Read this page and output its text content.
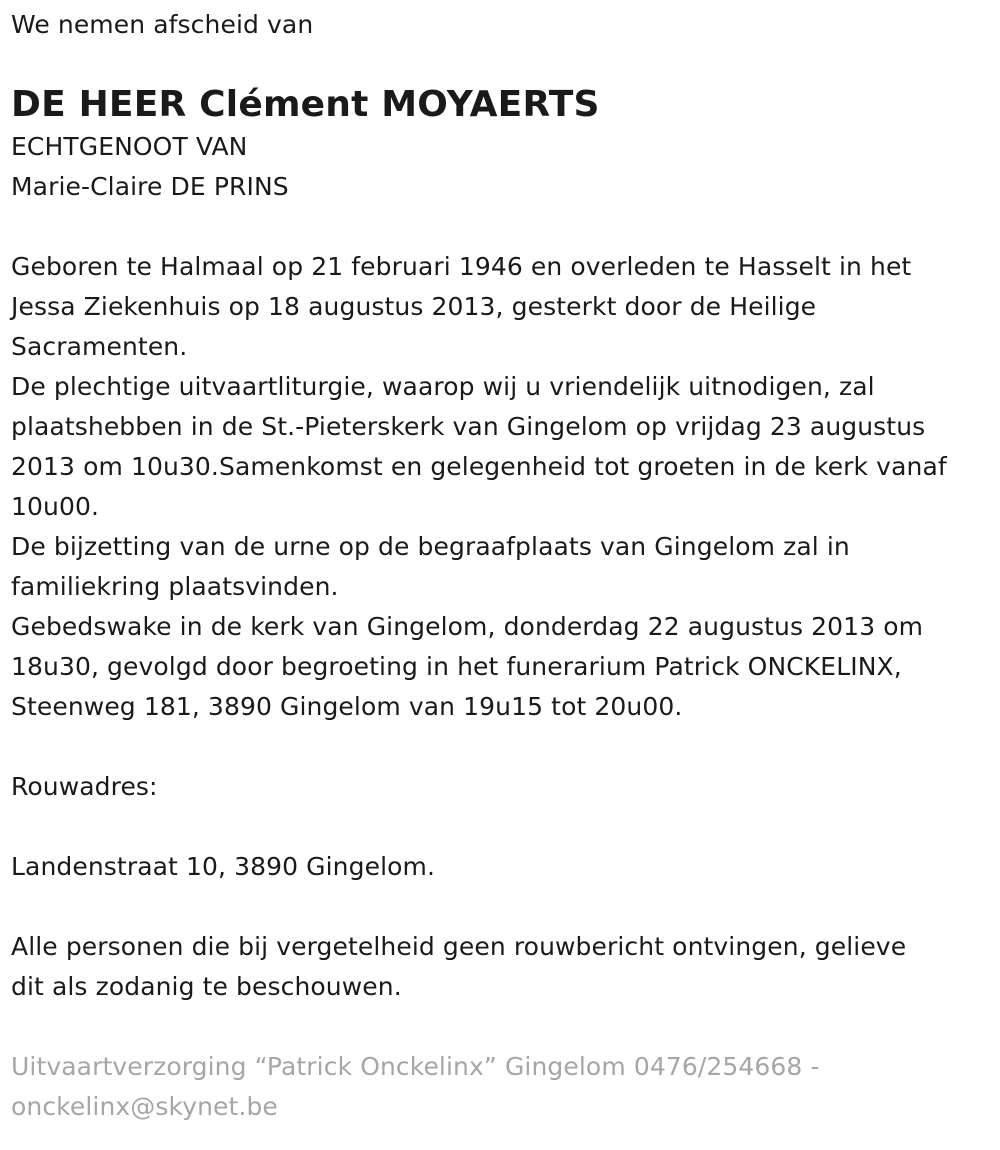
We nemen afscheid van
DE HEER Clément MOYAERTS
ECHTGENOOT VAN
Marie-Claire DE PRINS
Geboren te Halmaal op 21 februari 1946 en overleden te Hasselt in het
Jessa Ziekenhuis op 18 augustus 2013, gesterkt door de Heilige
Sacramenten.
De plechtige uitvaartliturgie, waarop wij u vriendelijk uitnodigen, zal
plaatshebben in de St.-Pieterskerk van Gingelom op vrijdag 23 augustus
2013 om 10u30.Samenkomst en gelegenheid tot groeten in de kerk vanaf
10u00.
De bijzetting van de urne op de begraafplaats van Gingelom zal in
familiekring plaatsvinden.
Gebedswake in de kerk van Gingelom, donderdag 22 augustus 2013 om
18u30, gevolgd door begroeting in het funerarium Patrick ONCKELINX,
Steenweg 181, 3890 Gingelom van 19u15 tot 20u00.
Rouwadres:
Landenstraat 10, 3890 Gingelom.
Alle personen die bij vergetelheid geen rouwbericht ontvingen, gelieve
dit als zodanig te beschouwen.
Uitvaartverzorging “Patrick Onckelinx” Gingelom 0476/254668 -
onckelinx@skynet.be
